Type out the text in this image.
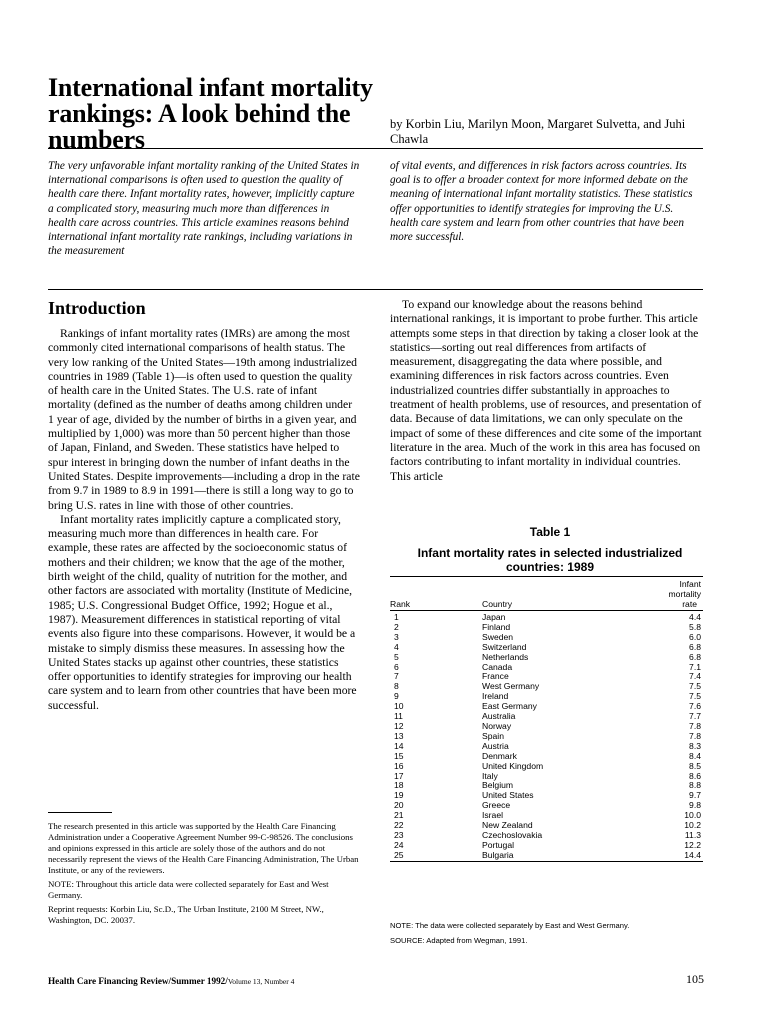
International infant mortality rankings: A look behind the numbers
by Korbin Liu, Marilyn Moon, Margaret Sulvetta, and Juhi Chawla
The very unfavorable infant mortality ranking of the United States in international comparisons is often used to question the quality of health care there. Infant mortality rates, however, implicitly capture a complicated story, measuring much more than differences in health care across countries. This article examines reasons behind international infant mortality rate rankings, including variations in the measurement
of vital events, and differences in risk factors across countries. Its goal is to offer a broader context for more informed debate on the meaning of international infant mortality statistics. These statistics offer opportunities to identify strategies for improving the U.S. health care system and learn from other countries that have been more successful.
Introduction

Rankings of infant mortality rates (IMRs) are among the most commonly cited international comparisons of health status. The very low ranking of the United States—19th among industrialized countries in 1989 (Table 1)—is often used to question the quality of health care in the United States. The U.S. rate of infant mortality (defined as the number of deaths among children under 1 year of age, divided by the number of births in a given year, and multiplied by 1,000) was more than 50 percent higher than those of Japan, Finland, and Sweden. These statistics have helped to spur interest in bringing down the number of infant deaths in the United States. Despite improvements—including a drop in the rate from 9.7 in 1989 to 8.9 in 1991—there is still a long way to go to bring U.S. rates in line with those of other countries.

Infant mortality rates implicitly capture a complicated story, measuring much more than differences in health care. For example, these rates are affected by the socioeconomic status of mothers and their children; we know that the age of the mother, birth weight of the child, quality of nutrition for the mother, and other factors are associated with mortality (Institute of Medicine, 1985; U.S. Congressional Budget Office, 1992; Hogue et al., 1987). Measurement differences in statistical reporting of vital events also figure into these comparisons. However, it would be a mistake to simply dismiss these measures. In assessing how the United States stacks up against other countries, these statistics offer opportunities to identify strategies for improving our health care system and to learn from other countries that have been more successful.

The research presented in this article was supported by the Health Care Financing Administration under a Cooperative Agreement Number 99-C-98526. The conclusions and opinions expressed in this article are solely those of the authors and do not necessarily represent the views of the Health Care Financing Administration, The Urban Institute, or any of the reviewers.

NOTE: Throughout this article data were collected separately for East and West Germany.

Reprint requests: Korbin Liu, Sc.D., The Urban Institute, 2100 M Street, NW., Washington, DC. 20037.

To expand our knowledge about the reasons behind international rankings, it is important to probe further. This article attempts some steps in that direction by taking a closer look at the statistics—sorting out real differences from artifacts of measurement, disaggregating the data where possible, and examining differences in risk factors across countries. Even industrialized countries differ substantially in approaches to treatment of health problems, use of resources, and presentation of data. Because of data limitations, we can only speculate on the impact of some of these differences and cite some of the important literature in the area. Much of the work in this area has focused on factors contributing to infant mortality in individual countries. This article

Table 1
Infant mortality rates in selected industrialized countries: 1989
Rank	Country	Infant
mortality
rate

1	Japan	4.4
2	Finland	5.8
3	Sweden	6.0
4	Switzerland	6.8
5	Netherlands	6.8
6	Canada	7.1
7	France	7.4
8	West Germany	7.5
9	Ireland	7.5
10	East Germany	7.6
11	Australia	7.7
12	Norway	7.8
13	Spain	7.8
14	Austria	8.3
15	Denmark	8.4
16	United Kingdom	8.5
17	Italy	8.6
18	Belgium	8.8
19	United States	9.7
20	Greece	9.8
21	Israel	10.0
22	New Zealand	10.2
23	Czechoslovakia	11.3
24	Portugal	12.2
25	Bulgaria	14.4
NOTE: The data were collected separately by East and West Germany.
SOURCE: Adapted from Wegman, 1991.
Health Care Financing Review/Summer 1992/Volume 13, Number 4	105
